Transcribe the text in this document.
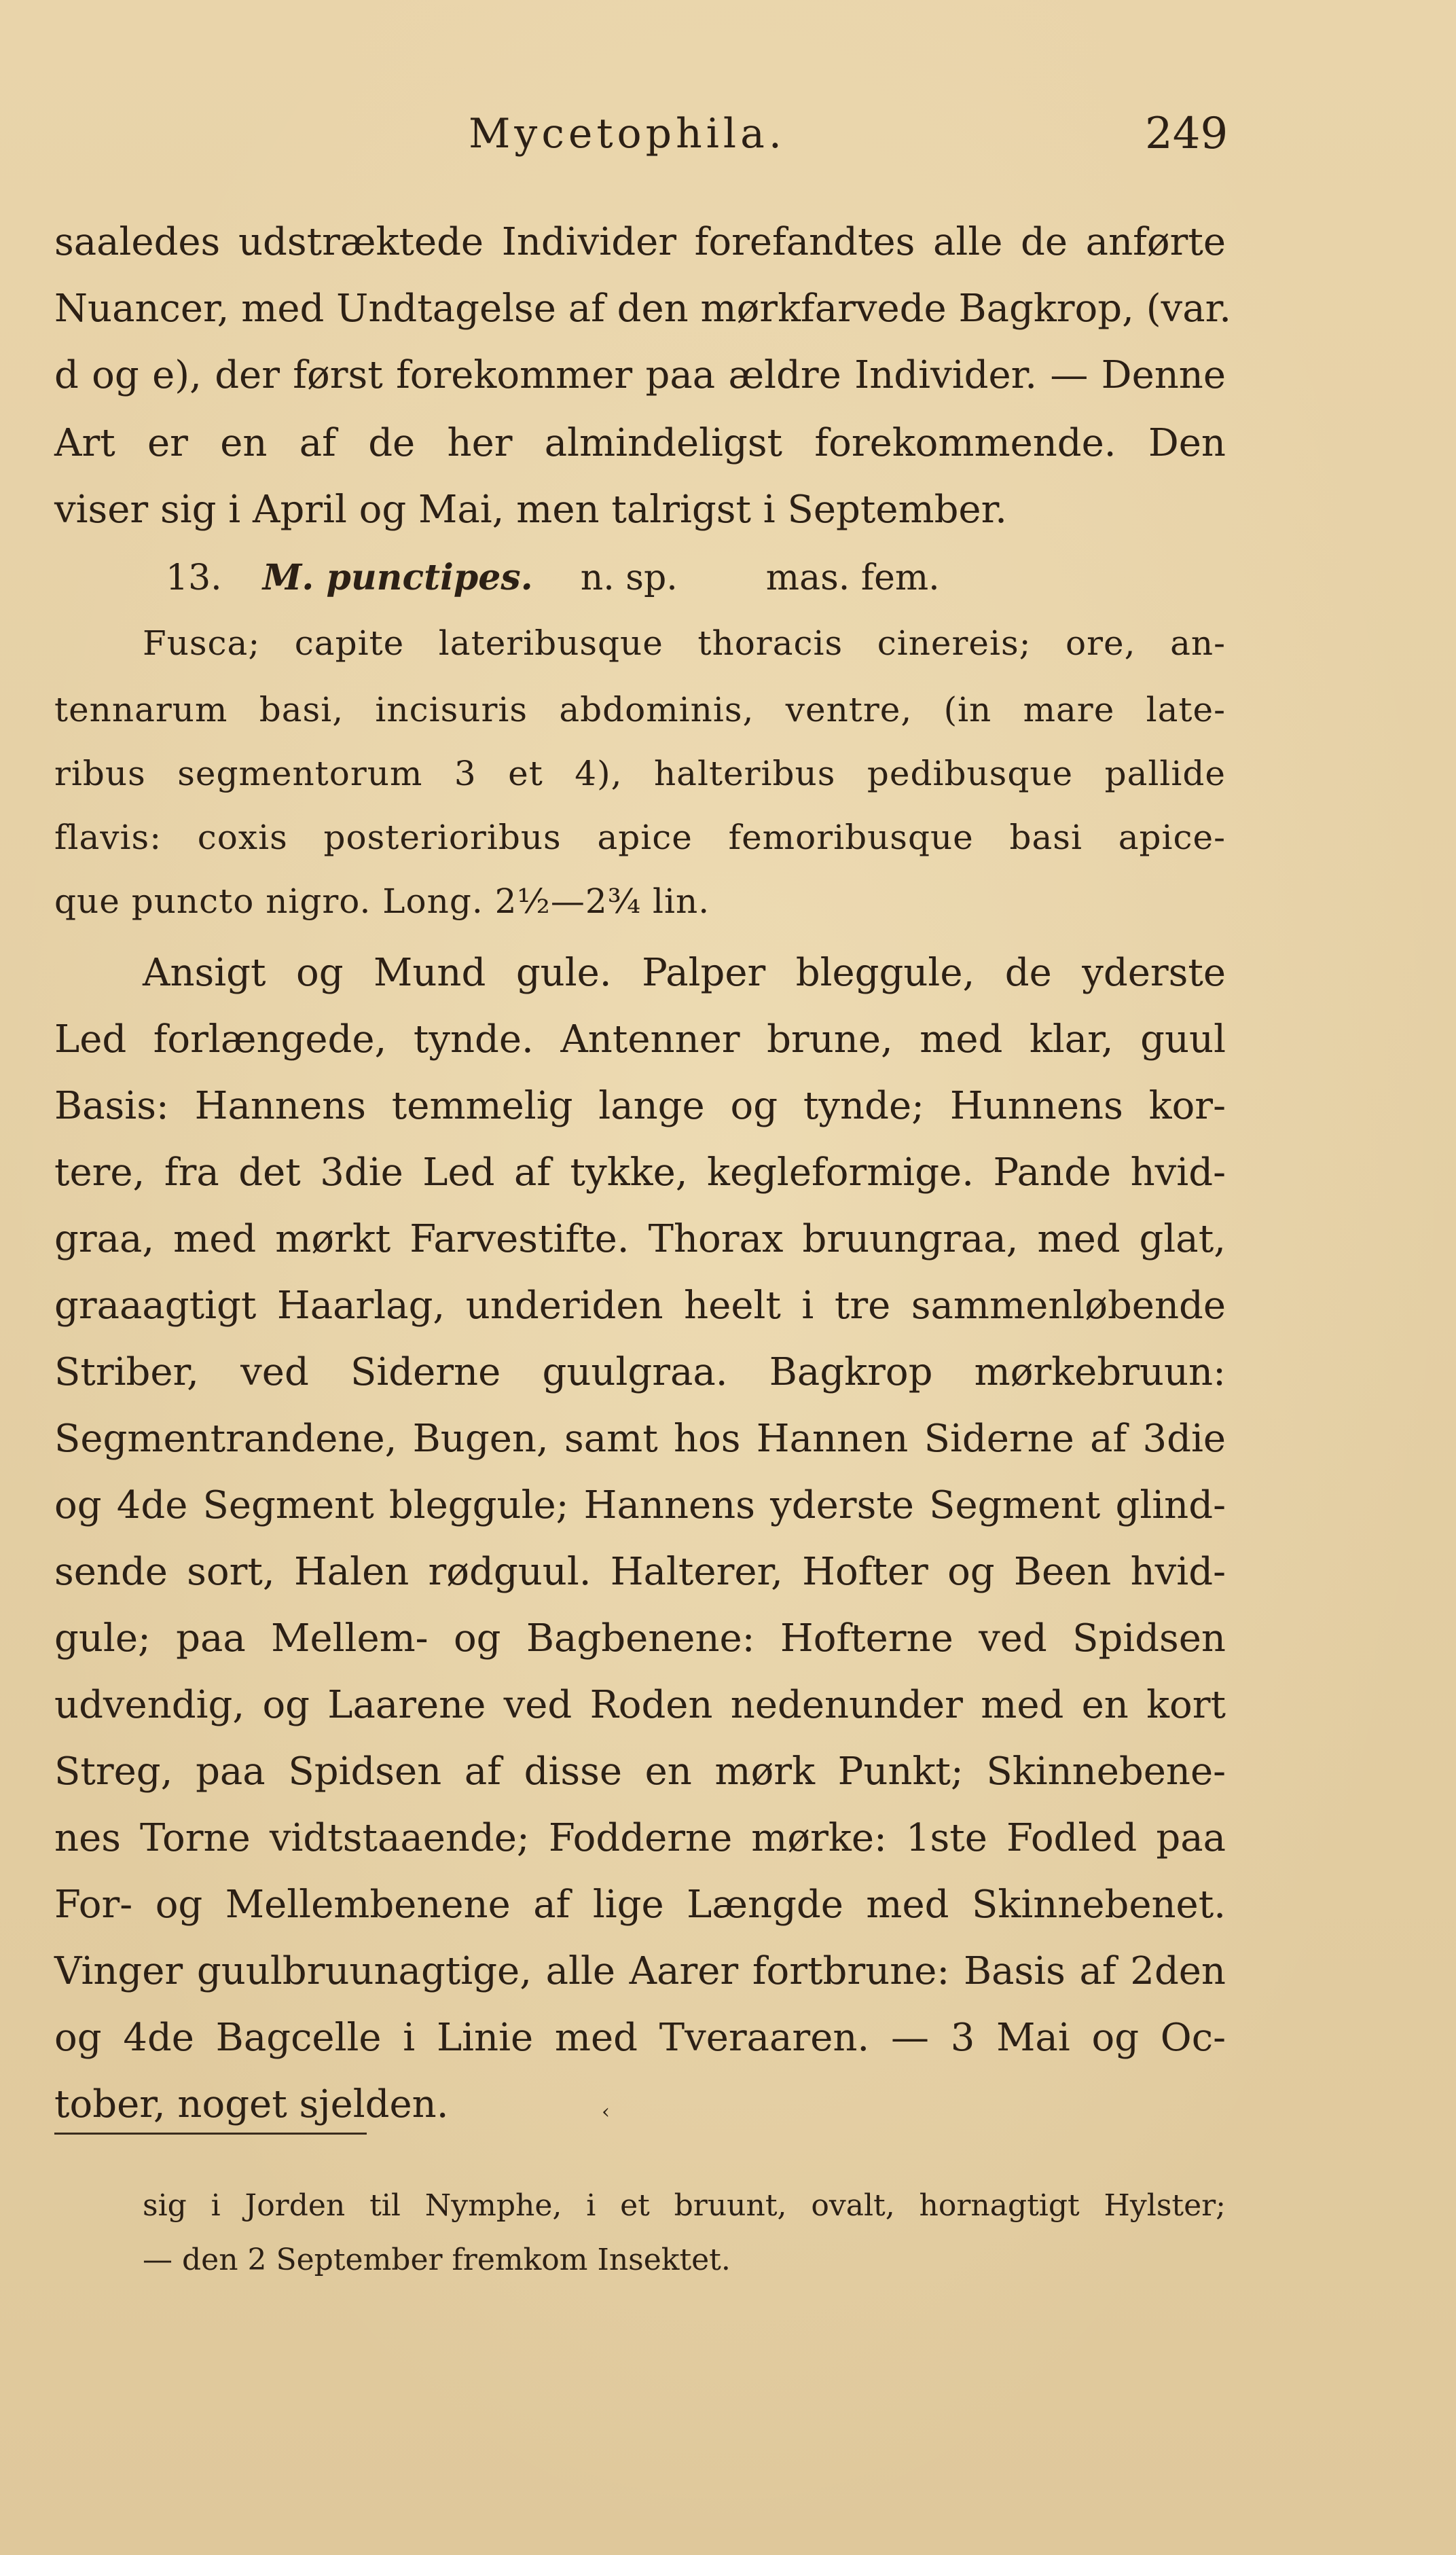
Mycetophila.	249
saaledes udstræktede Individer forefandtes alle de anførte
Nuancer, med Undtagelse af den mørkfarvede Bagkrop, (var.
d og e), der først forekommer paa ældre Individer. — Denne
Art er en af de her almindeligst forekommende. Den
viser sig i April og Mai, men talrigst i September.
13. M. punctipes. n. sp.	mas. fem.
Fusca; capite lateribusque thoracis cinereis; ore, an-
tennarum basi, incisuris abdominis, ventre, (in mare late-
ribus segmentorum 3 et 4), halteribus pedibusque pallide
flavis: coxis posterioribus apice femoribusque basi apice-
que puncto nigro. Long. 2½—2¾ lin.
Ansigt og Mund gule. Palper bleggule, de yderste
Led forlængede, tynde. Antenner brune, med klar, guul
Basis: Hannens temmelig lange og tynde; Hunnens kor-
tere, fra det 3die Led af tykke, kegleformige. Pande hvid-
graa, med mørkt Farvestifte. Thorax bruungraa, med glat,
graaagtigt Haarlag, underiden heelt i tre sammenløbende
Striber, ved Siderne guulgraa. Bagkrop mørkebruun:
Segmentrandene, Bugen, samt hos Hannen Siderne af 3die
og 4de Segment bleggule; Hannens yderste Segment glind-
sende sort, Halen rødguul. Halterer, Hofter og Been hvid-
gule; paa Mellem- og Bagbenene: Hofterne ved Spidsen
udvendig, og Laarene ved Roden nedenunder med en kort
Streg, paa Spidsen af disse en mørk Punkt; Skinnebene-
nes Torne vidtstaaende; Fodderne mørke: 1ste Fodled paa
For- og Mellembenene af lige Længde med Skinnebenet.
Vinger guulbruunagtige, alle Aarer fortbrune: Basis af 2den
og 4de Bagcelle i Linie med Tveraaren. — 3 Mai og Oc-
tober, noget sjelden.	‹
sig i Jorden til Nymphe, i et bruunt, ovalt, hornagtigt Hylster;
— den 2 September fremkom Insektet.
